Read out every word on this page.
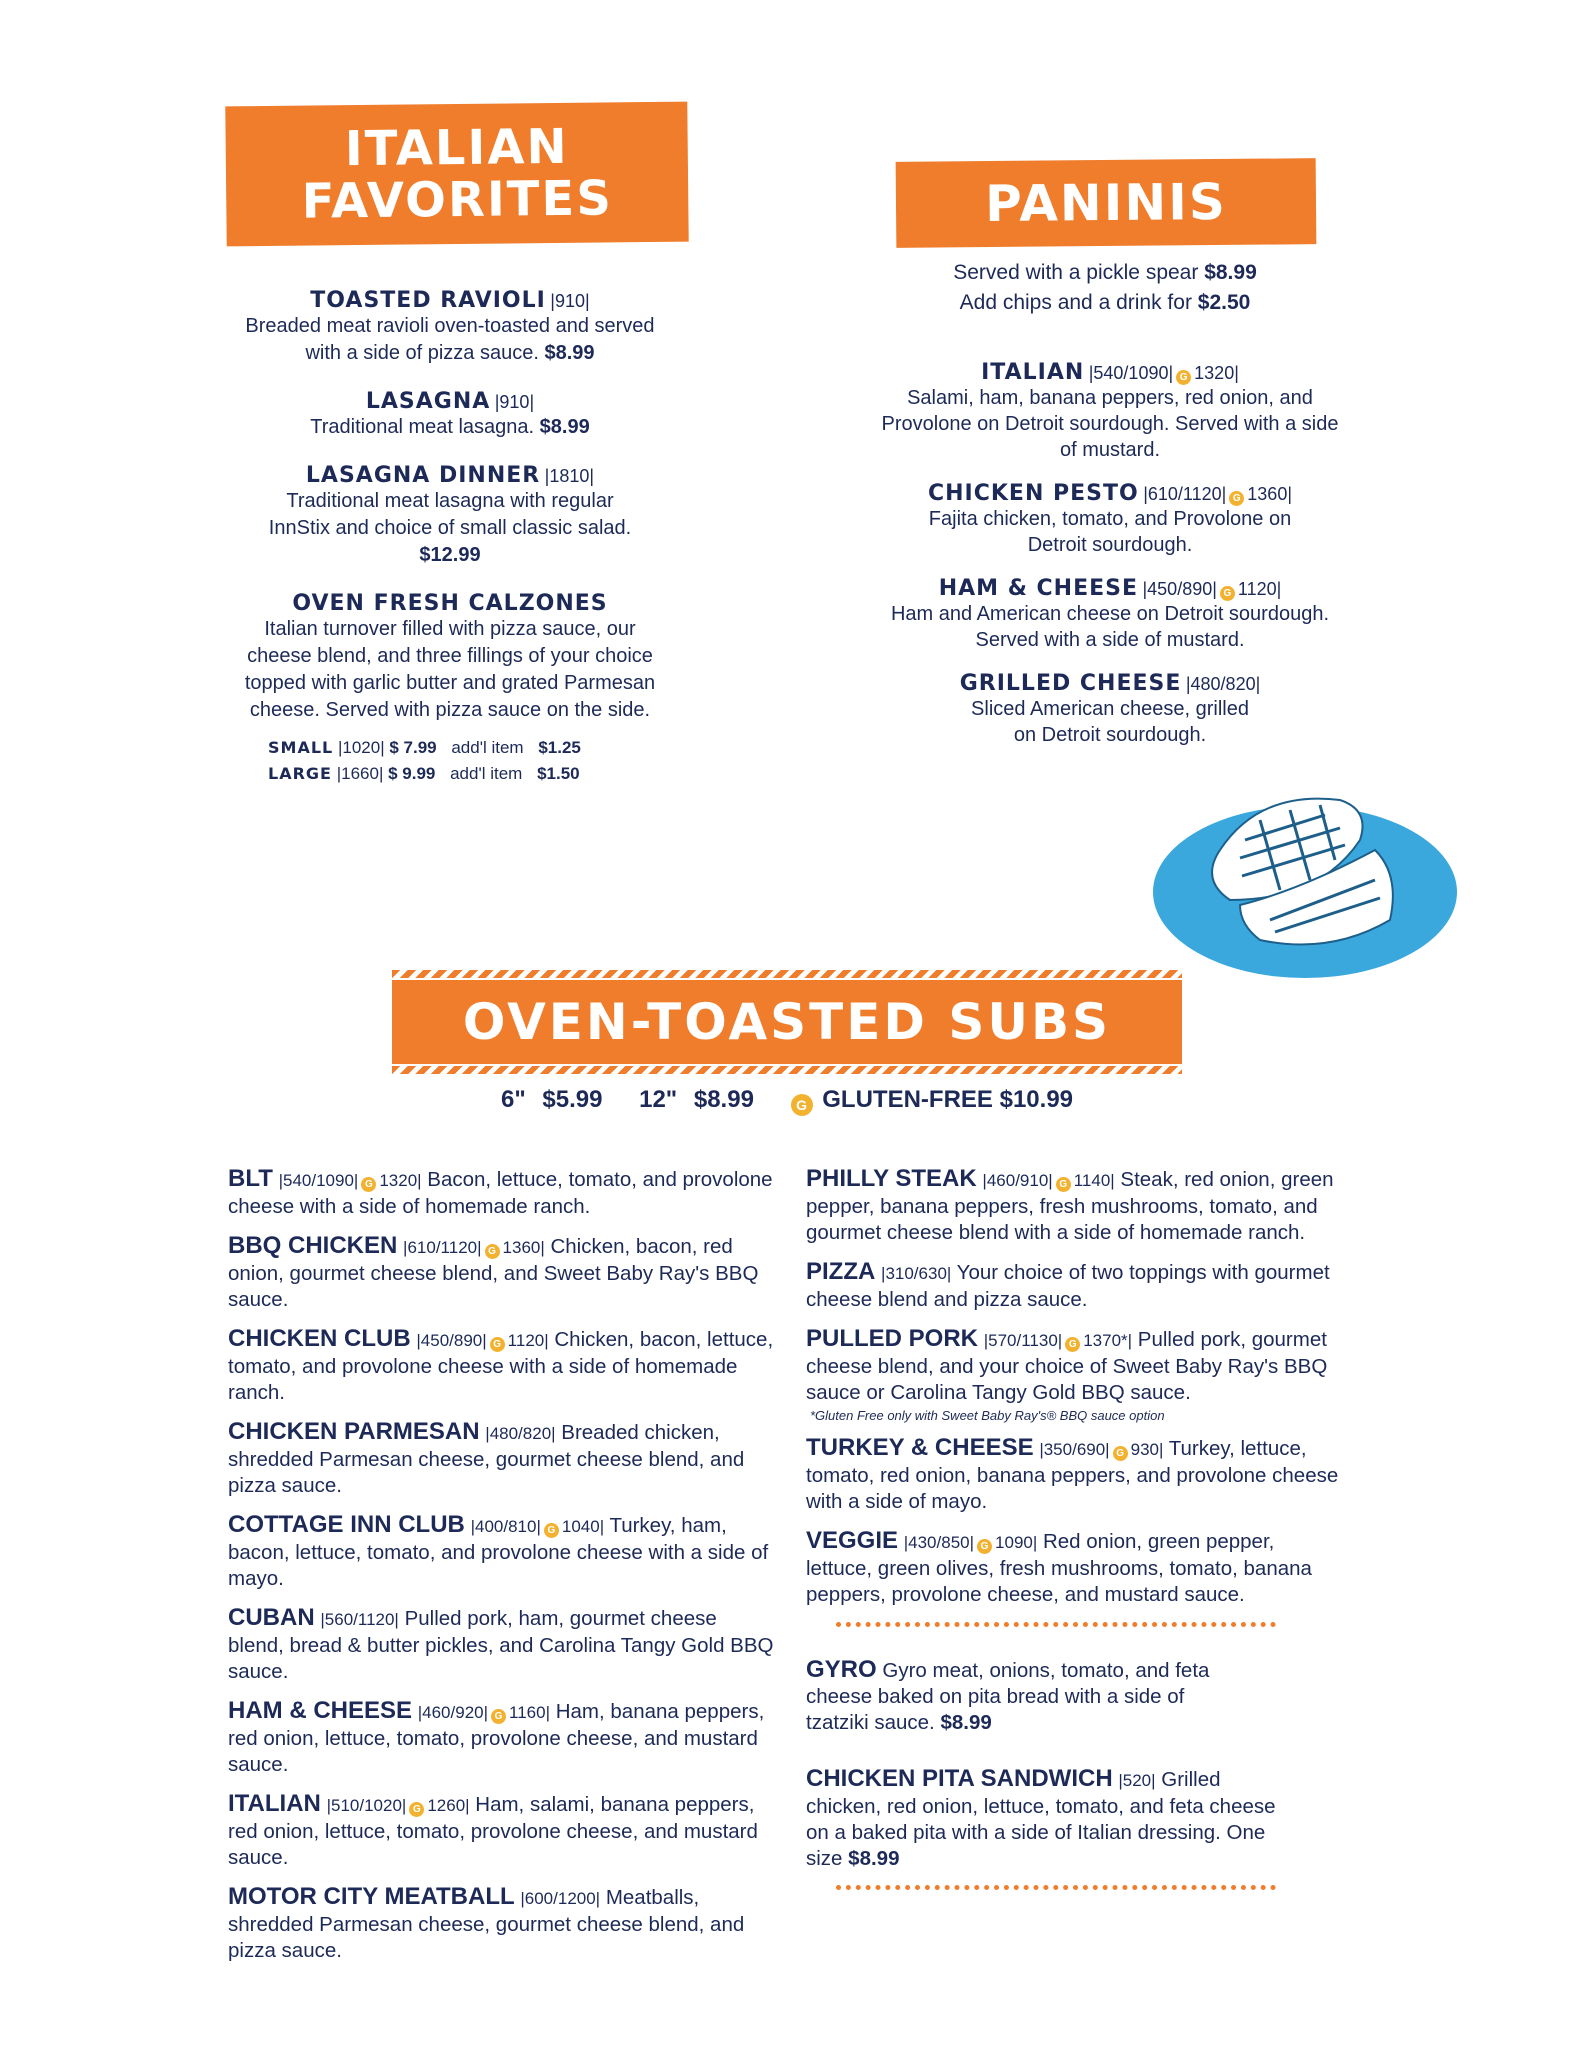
ITALIAN
FAVORITES
TOASTED RAVIOLI |910|
Breaded meat ravioli oven-toasted and served with a side of pizza sauce. $8.99
LASAGNA |910|
Traditional meat lasagna. $8.99
LASAGNA DINNER |1810|
Traditional meat lasagna with regular InnStix and choice of small classic salad. $12.99
OVEN FRESH CALZONES
Italian turnover filled with pizza sauce, our cheese blend, and three fillings of your choice topped with garlic butter and grated Parmesan cheese. Served with pizza sauce on the side.
SMALL |1020| $ 7.99 add'l item $1.25
LARGE |1660| $ 9.99 add'l item $1.50
PANINIS
Served with a pickle spear $8.99
Add chips and a drink for $2.50
ITALIAN |540/1090| G 1320|
Salami, ham, banana peppers, red onion, and Provolone on Detroit sourdough. Served with a side of mustard.
CHICKEN PESTO |610/1120| G 1360|
Fajita chicken, tomato, and Provolone on Detroit sourdough.
HAM & CHEESE |450/890| G 1120|
Ham and American cheese on Detroit sourdough. Served with a side of mustard.
GRILLED CHEESE |480/820|
Sliced American cheese, grilled on Detroit sourdough.
OVEN-TOASTED SUBS
6" $5.99 12" $8.99	G GLUTEN-FREE $10.99
BLT |540/1090| G 1320| Bacon, lettuce, tomato, and provolone cheese with a side of homemade ranch.
BBQ CHICKEN |610/1120| G 1360| Chicken, bacon, red onion, gourmet cheese blend, and Sweet Baby Ray's BBQ sauce.
CHICKEN CLUB |450/890| G 1120| Chicken, bacon, lettuce, tomato, and provolone cheese with a side of homemade ranch.
CHICKEN PARMESAN |480/820| Breaded chicken, shredded Parmesan cheese, gourmet cheese blend, and pizza sauce.
COTTAGE INN CLUB |400/810| G 1040| Turkey, ham, bacon, lettuce, tomato, and provolone cheese with a side of mayo.
CUBAN |560/1120| Pulled pork, ham, gourmet cheese blend, bread & butter pickles, and Carolina Tangy Gold BBQ sauce.
HAM & CHEESE |460/920| G 1160| Ham, banana peppers, red onion, lettuce, tomato, provolone cheese, and mustard sauce.
ITALIAN |510/1020| G 1260| Ham, salami, banana peppers, red onion, lettuce, tomato, provolone cheese, and mustard sauce.
MOTOR CITY MEATBALL |600/1200| Meatballs, shredded Parmesan cheese, gourmet cheese blend, and pizza sauce.
PHILLY STEAK |460/910| G 1140| Steak, red onion, green pepper, banana peppers, fresh mushrooms, tomato, and gourmet cheese blend with a side of homemade ranch.
PIZZA |310/630| Your choice of two toppings with gourmet cheese blend and pizza sauce.
PULLED PORK |570/1130| G 1370*| Pulled pork, gourmet cheese blend, and your choice of Sweet Baby Ray's BBQ sauce or Carolina Tangy Gold BBQ sauce.
*Gluten Free only with Sweet Baby Ray's® BBQ sauce option
TURKEY & CHEESE |350/690| G 930| Turkey, lettuce, tomato, red onion, banana peppers, and provolone cheese with a side of mayo.
VEGGIE |430/850| G 1090| Red onion, green pepper, lettuce, green olives, fresh mushrooms, tomato, banana peppers, provolone cheese, and mustard sauce.
GYRO Gyro meat, onions, tomato, and feta cheese baked on pita bread with a side of tzatziki sauce. $8.99
CHICKEN PITA SANDWICH |520| Grilled chicken, red onion, lettuce, tomato, and feta cheese on a baked pita with a side of Italian dressing. One size $8.99
